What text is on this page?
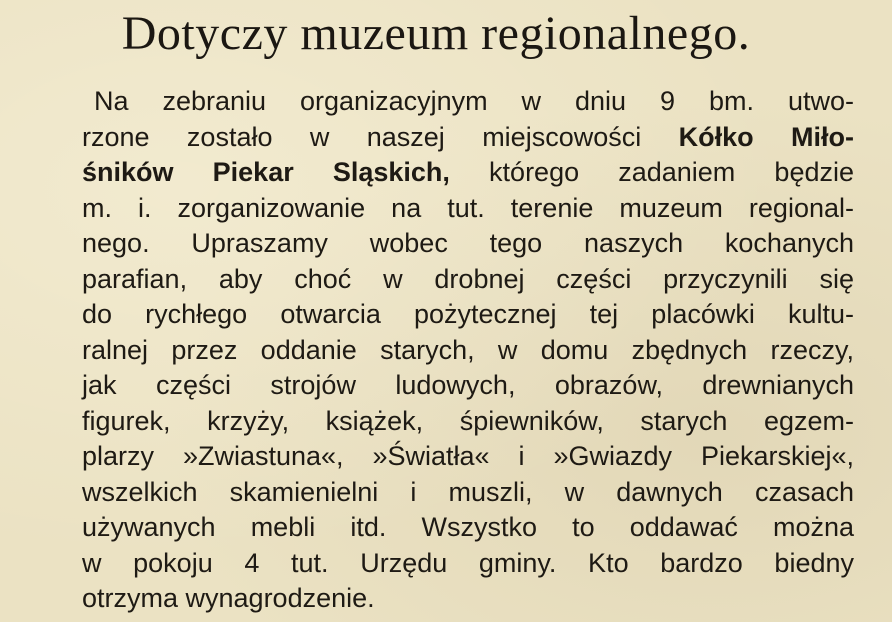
Dotyczy muzeum regionalnego.
Na zebraniu organizacyjnym w dniu 9 bm. utwo-
rzone zostało w naszej miejscowości Kółko Miło-
śników Piekar Sląskich, którego zadaniem będzie
m. i. zorganizowanie na tut. terenie muzeum regional-
nego. Upraszamy wobec tego naszych kochanych
parafian, aby choć w drobnej części przyczynili się
do rychłego otwarcia pożytecznej tej placówki kultu-
ralnej przez oddanie starych, w domu zbędnych rzeczy,
jak części strojów ludowych, obrazów, drewnianych
figurek, krzyży, książek, śpiewników, starych egzem-
plarzy »Zwiastuna«, »Światła« i »Gwiazdy Piekarskiej«,
wszelkich skamienielni i muszli, w dawnych czasach
używanych mebli itd. Wszystko to oddawać można
w pokoju 4 tut. Urzędu gminy. Kto bardzo biedny
otrzyma wynagrodzenie.
